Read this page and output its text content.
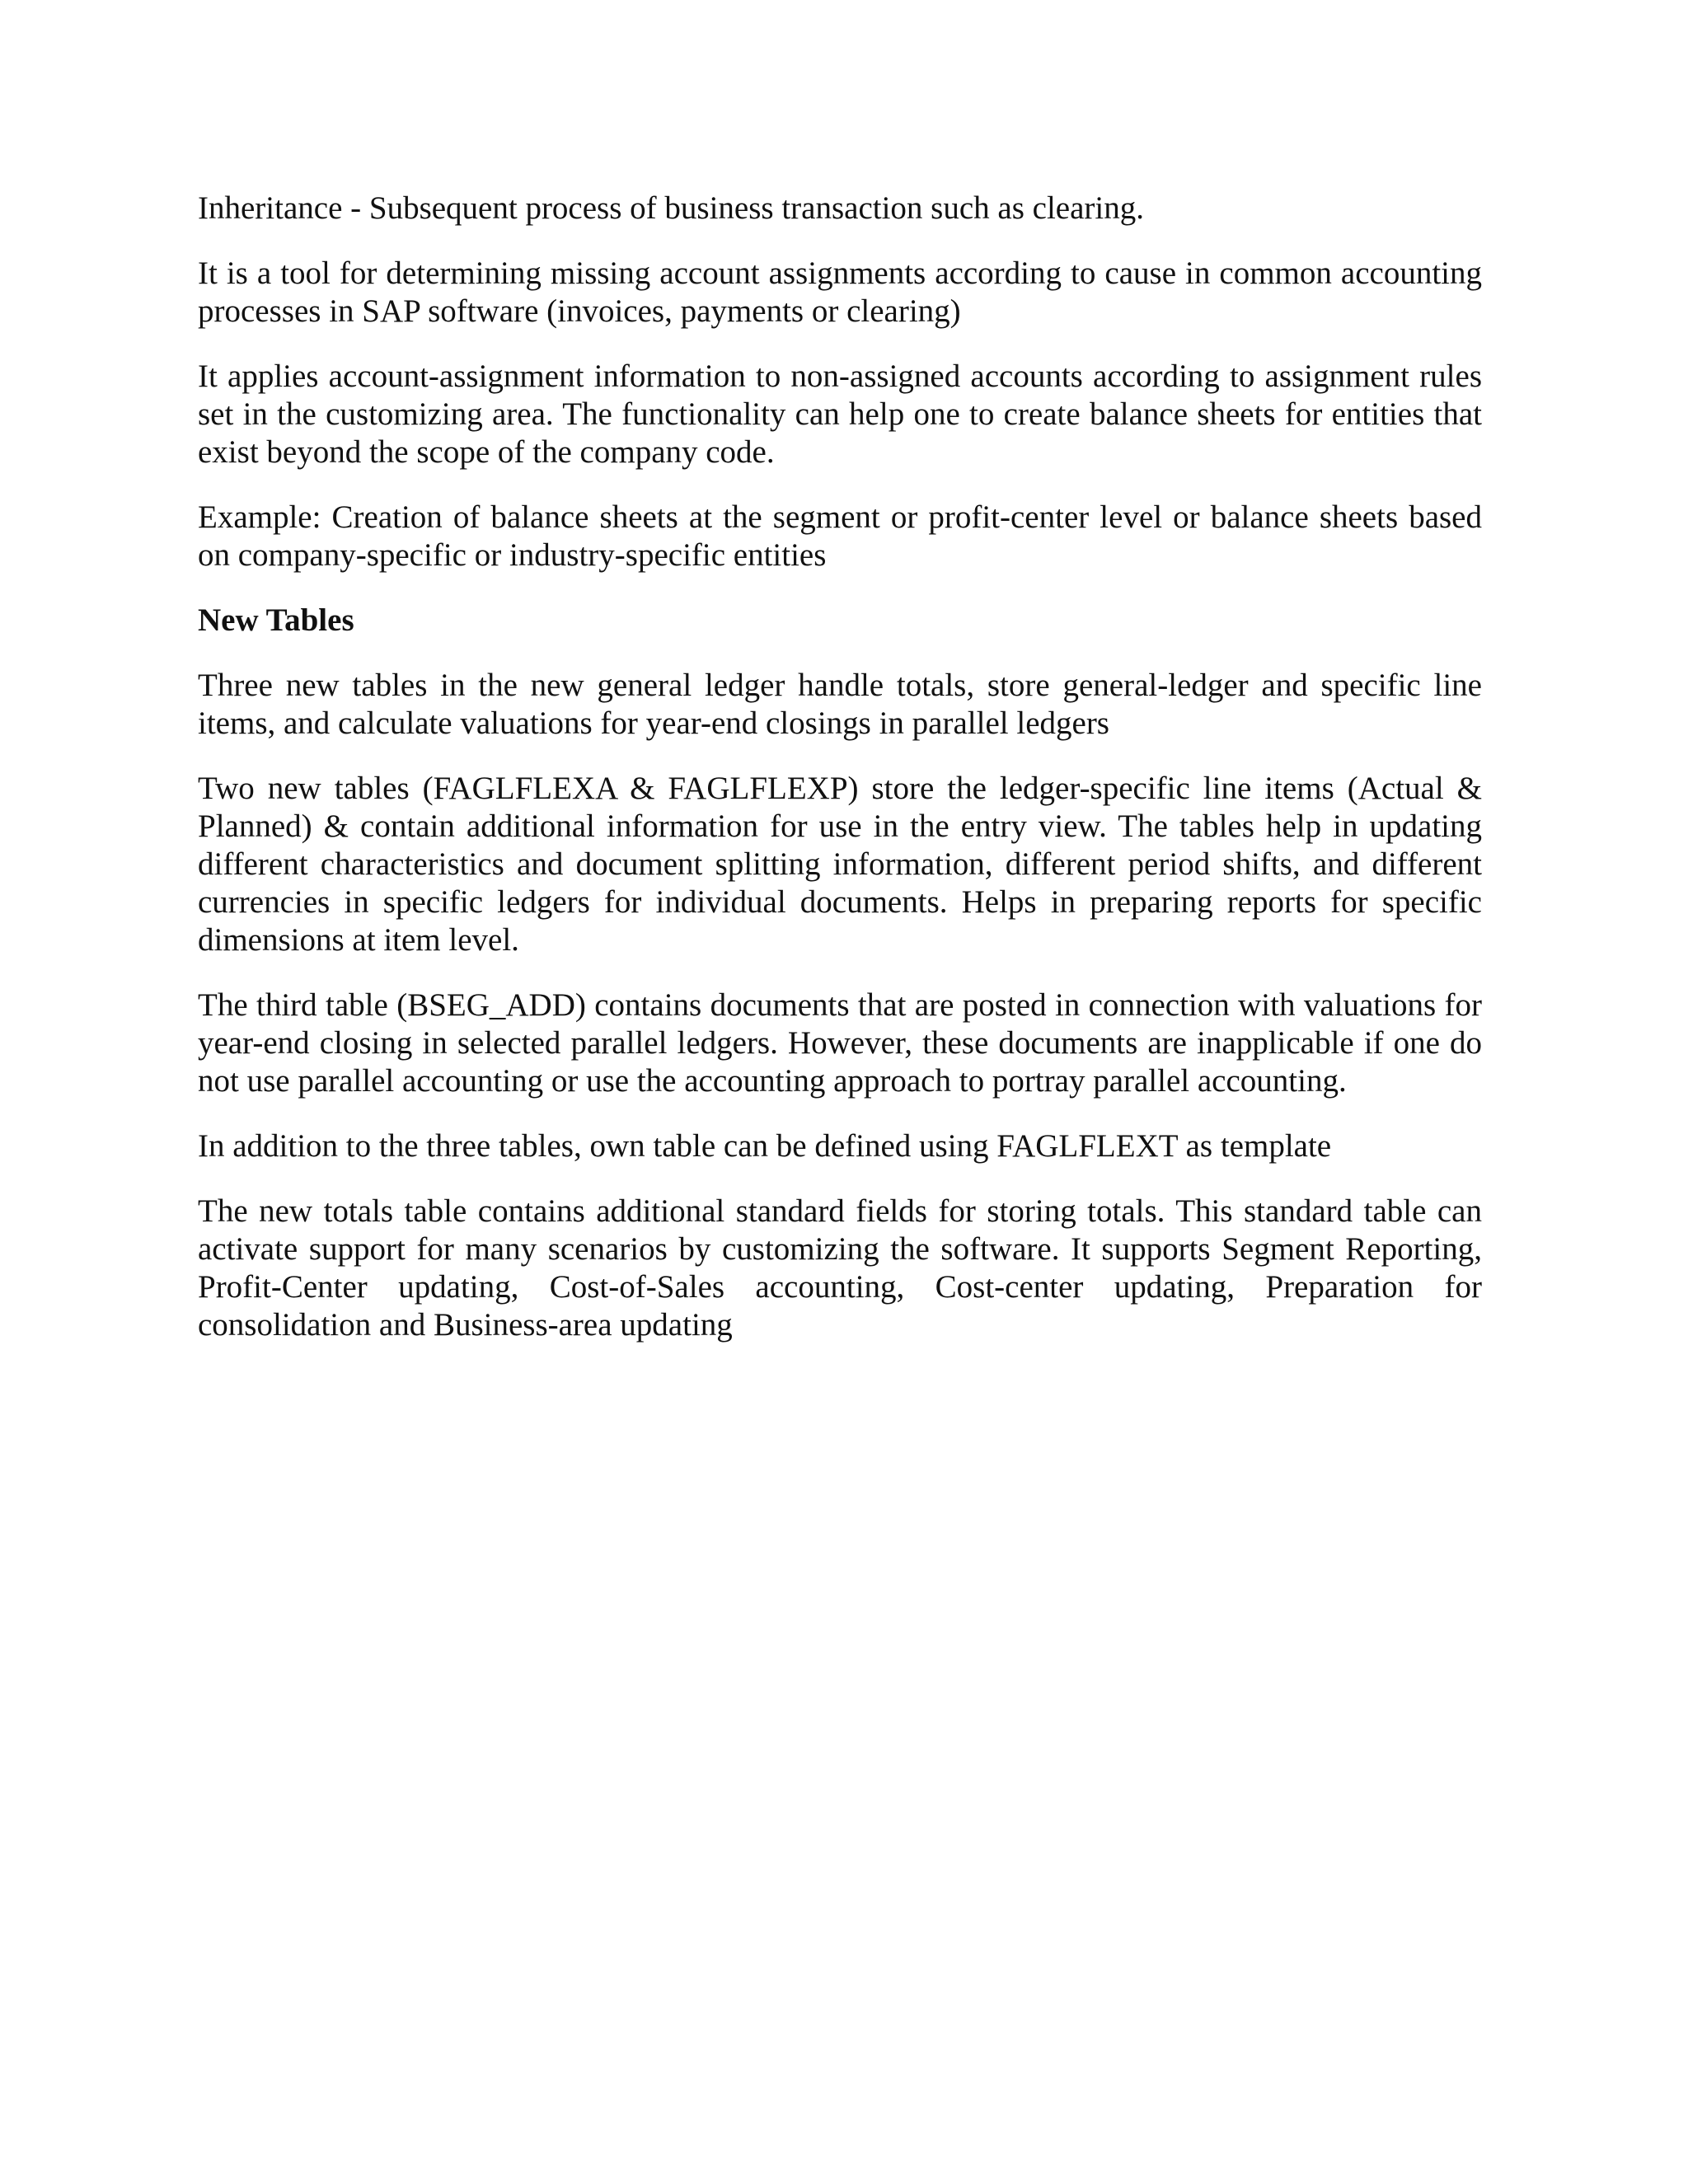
Inheritance - Subsequent process of business transaction such as clearing.

It is a tool for determining missing account assignments according to cause in common accounting processes in SAP software (invoices, payments or clearing)

It applies account-assignment information to non-assigned accounts according to assignment rules set in the customizing area. The functionality can help one to create balance sheets for entities that exist beyond the scope of the company code.

Example: Creation of balance sheets at the segment or profit-center level or balance sheets based on company-specific or industry-specific entities

New Tables

Three new tables in the new general ledger handle totals, store general-ledger and specific line items, and calculate valuations for year-end closings in parallel ledgers

Two new tables (FAGLFLEXA & FAGLFLEXP) store the ledger-specific line items (Actual & Planned) & contain additional information for use in the entry view. The tables help in updating different characteristics and document splitting information, different period shifts, and different currencies in specific ledgers for individual documents. Helps in preparing reports for specific dimensions at item level.

The third table (BSEG_ADD) contains documents that are posted in connection with valuations for year-end closing in selected parallel ledgers. However, these documents are inapplicable if one do not use parallel accounting or use the accounting approach to portray parallel accounting.

In addition to the three tables, own table can be defined using FAGLFLEXT as template

The new totals table contains additional standard fields for storing totals. This standard table can activate support for many scenarios by customizing the software. It supports Segment Reporting, Profit-Center updating, Cost-of-Sales accounting, Cost-center updating, Preparation for consolidation and Business-area updating
